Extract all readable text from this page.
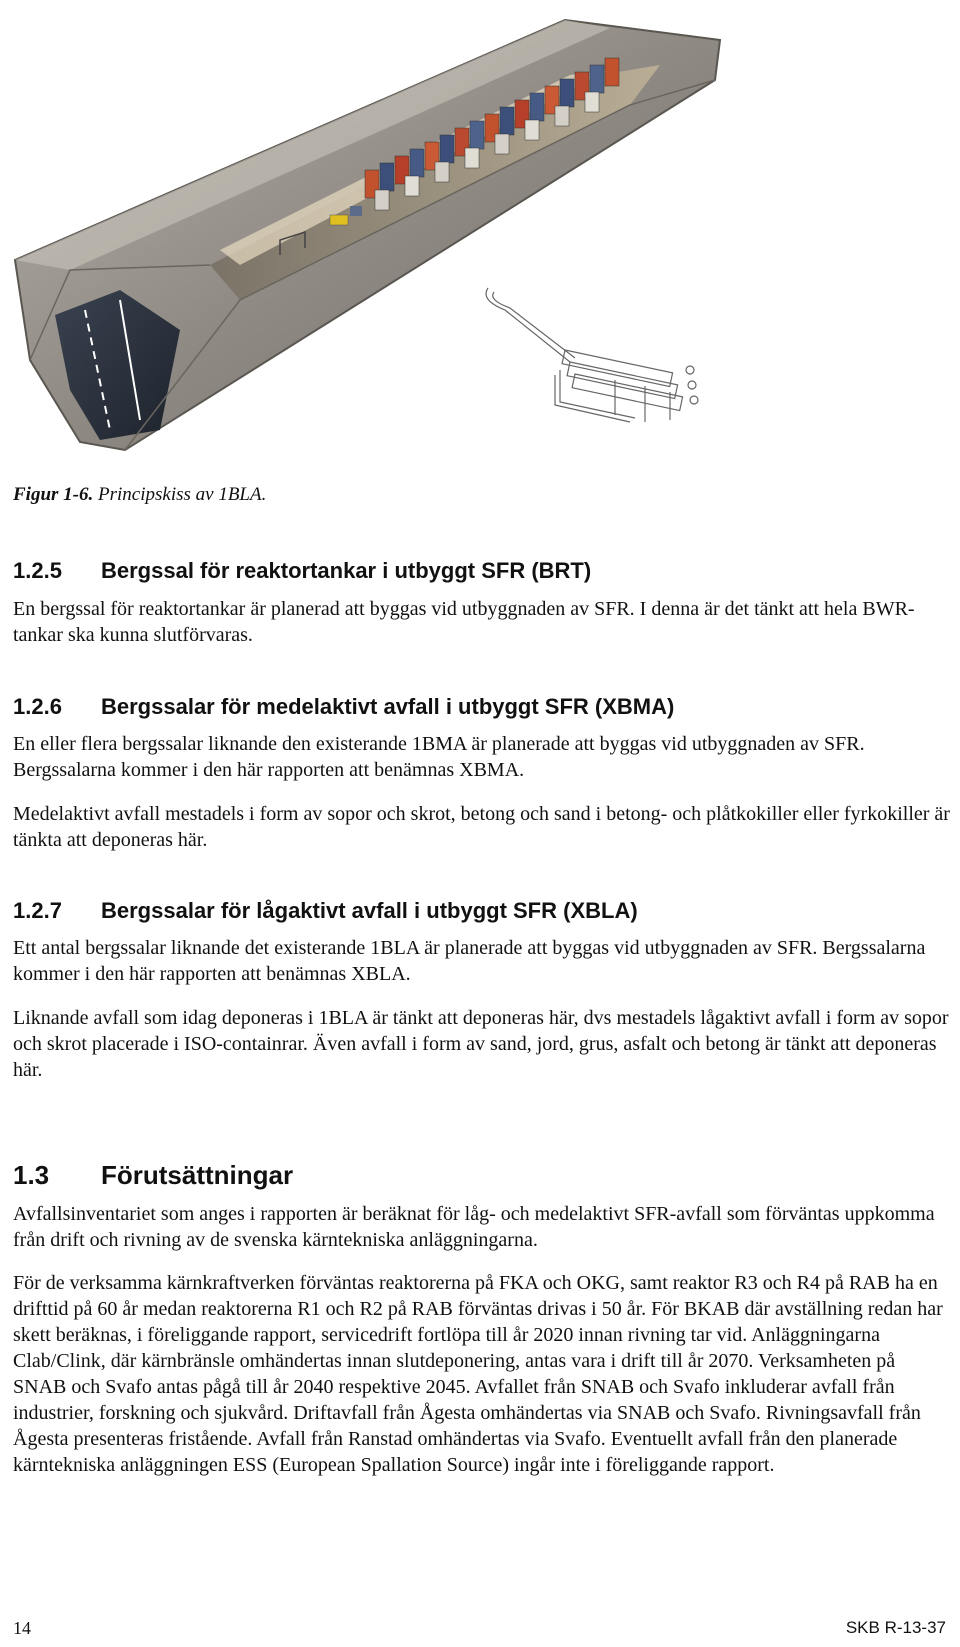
Figur 1-6. Principskiss av 1BLA.
1.2.5 Bergssal för reaktortankar i utbyggt SFR (BRT)

En bergssal för reaktortankar är planerad att byggas vid utbyggnaden av SFR. I denna är det tänkt att hela BWR-tankar ska kunna slutförvaras.

1.2.6 Bergssalar för medelaktivt avfall i utbyggt SFR (XBMA)

En eller flera bergssalar liknande den existerande 1BMA är planerade att byggas vid utbyggnaden av SFR. Bergssalarna kommer i den här rapporten att benämnas XBMA.

Medelaktivt avfall mestadels i form av sopor och skrot, betong och sand i betong- och plåtkokiller eller fyrkokiller är tänkta att deponeras här.

1.2.7 Bergssalar för lågaktivt avfall i utbyggt SFR (XBLA)

Ett antal bergssalar liknande det existerande 1BLA är planerade att byggas vid utbyggnaden av SFR. Bergssalarna kommer i den här rapporten att benämnas XBLA.

Liknande avfall som idag deponeras i 1BLA är tänkt att deponeras här, dvs mestadels lågaktivt avfall i form av sopor och skrot placerade i ISO-containrar. Även avfall i form av sand, jord, grus, asfalt och betong är tänkt att deponeras här.

1.3 Förutsättningar

Avfallsinventariet som anges i rapporten är beräknat för låg- och medelaktivt SFR-avfall som förväntas uppkomma från drift och rivning av de svenska kärntekniska anläggningarna.

För de verksamma kärnkraftverken förväntas reaktorerna på FKA och OKG, samt reaktor R3 och R4 på RAB ha en drifttid på 60 år medan reaktorerna R1 och R2 på RAB förväntas drivas i 50 år. För BKAB där avställning redan har skett beräknas, i föreliggande rapport, servicedrift fortlöpa till år 2020 innan rivning tar vid. Anläggningarna Clab/Clink, där kärnbränsle omhändertas innan slutdeponering, antas vara i drift till år 2070. Verksamheten på SNAB och Svafo antas pågå till år 2040 respektive 2045. Avfallet från SNAB och Svafo inkluderar avfall från industrier, forskning och sjukvård. Driftavfall från Ågesta omhändertas via SNAB och Svafo. Rivningsavfall från Ågesta presenteras fristående. Avfall från Ranstad omhändertas via Svafo. Eventuellt avfall från den planerade kärntekniska anläggningen ESS (European Spallation Source) ingår inte i föreliggande rapport.

14	SKB R-13-37
